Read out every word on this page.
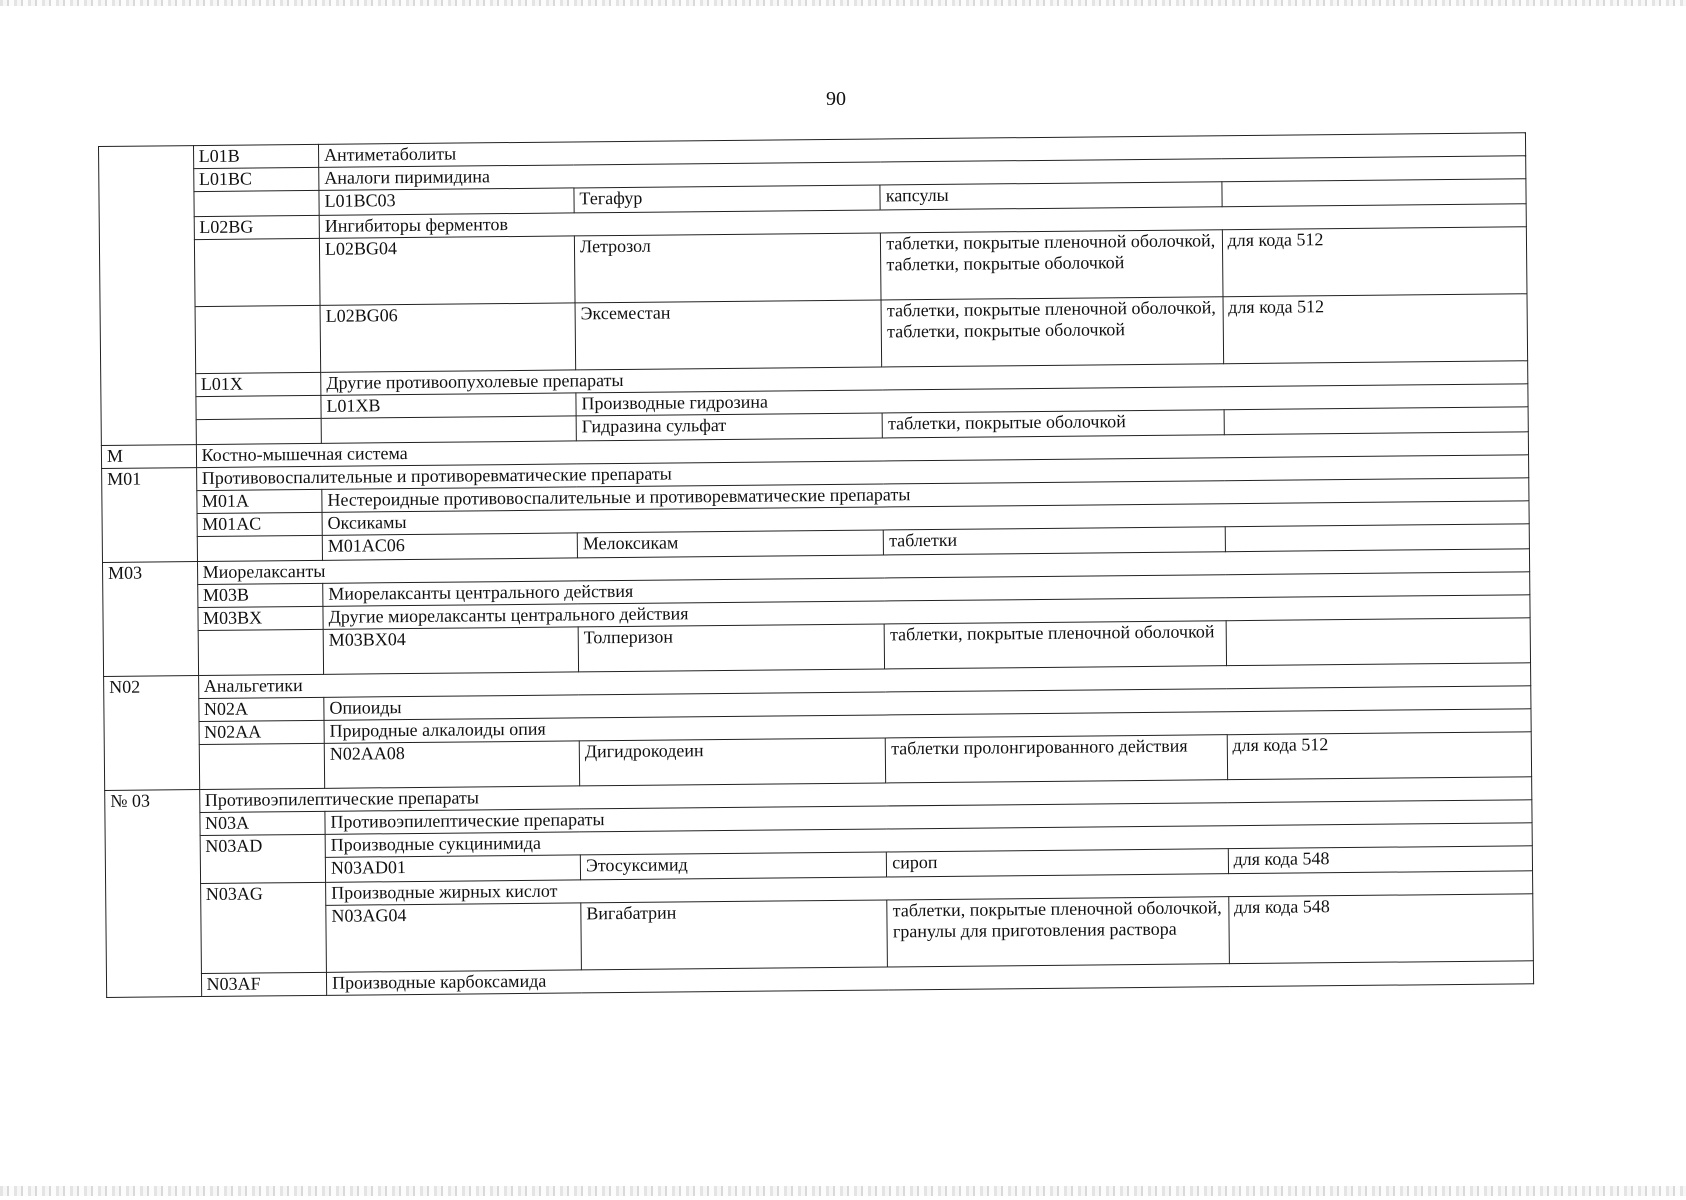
90
	L01B	Антиметаболиты			
	L01BC	Аналоги пиримидина			
		L01BC03	Тегафур	капсулы	
	L02BG	Ингибиторы ферментов			
		L02BG04	Летрозол	таблетки, покрытые пленочной оболочкой, таблетки, покрытые оболочкой	для кода 512
		L02BG06	Эксеместан	таблетки, покрытые пленочной оболочкой, таблетки, покрытые оболочкой	для кода 512
	L01X	Другие противоопухолевые препараты			
		L01XB	Производные гидрозина		
			Гидразина сульфат	таблетки, покрытые оболочкой	
M	Костно-мышечная система				
M01	Противовоспалительные и противоревматические препараты				
	M01A	Нестероидные противовоспалительные и противоревматические препараты			
	M01AC	Оксикамы			
		M01AC06	Мелоксикам	таблетки	
M03	Миорелаксанты				
	M03B	Миорелаксанты центрального действия			
	M03BX	Другие миорелаксанты центрального действия			
		M03BX04	Толперизон	таблетки, покрытые пленочной оболочкой	
N02	Анальгетики				
	N02A	Опиоиды			
	N02AA	Природные алкалоиды опия			
		N02AA08	Дигидрокодеин	таблетки пролонгированного действия	для кода 512
№ 03	Противоэпилептические препараты				
	N03A	Противоэпилептические препараты			
	N03AD	Производные сукцинимида			
		N03AD01	Этосуксимид	сироп	для кода 548
	N03AG	Производные жирных кислот			
		N03AG04	Вигабатрин	таблетки, покрытые пленочной оболочкой, гранулы для приготовления раствора	для кода 548
	N03AF	Производные карбоксамида			
